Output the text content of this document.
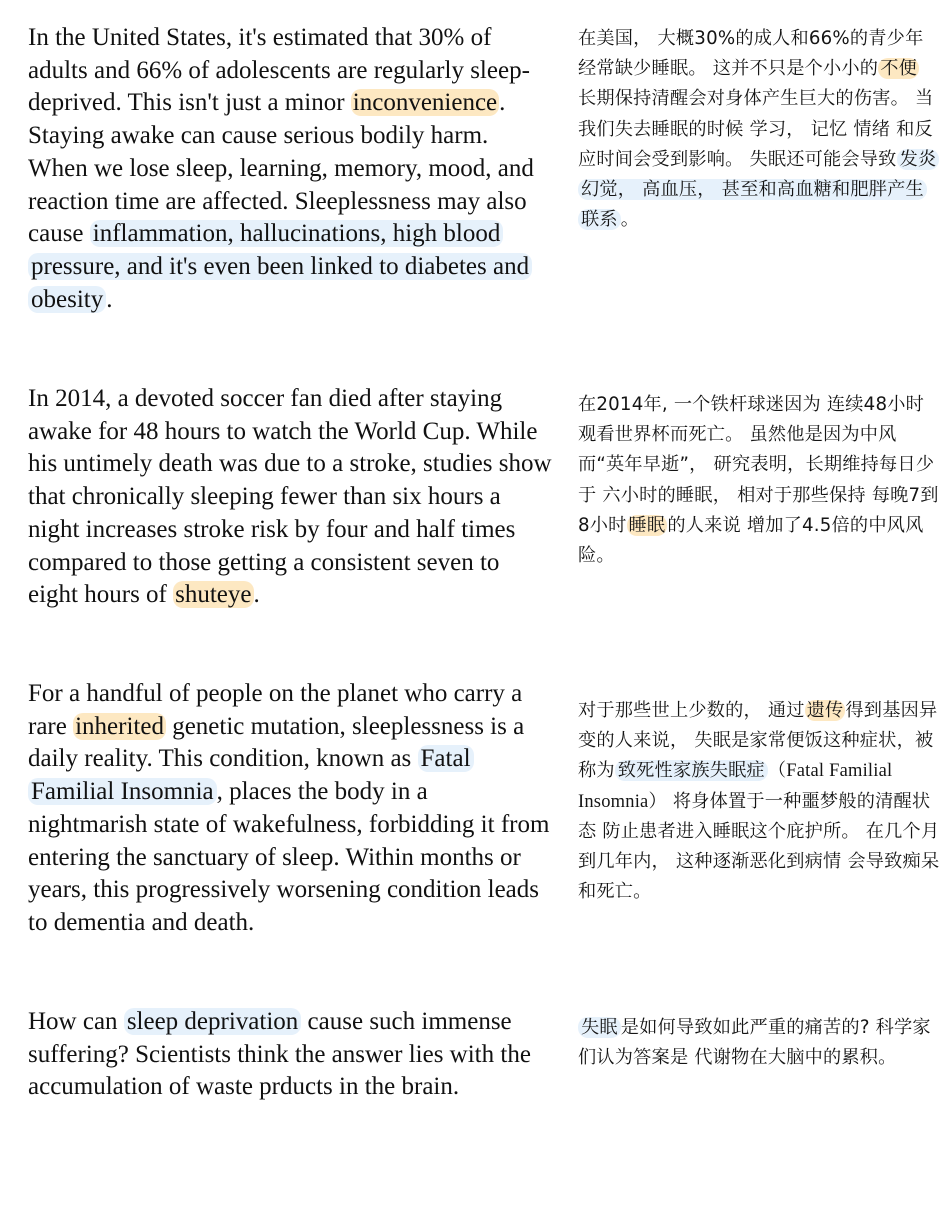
In the United States, it's estimated that 30% of adults and 66% of adolescents are regularly sleep-deprived. This isn't just a minor inconvenience. Staying awake can cause serious bodily harm. When we lose sleep, learning, memory, mood, and reaction time are affected. Sleeplessness may also cause inflammation, hallucinations, high blood pressure, and it's even been linked to diabetes and obesity .

In 2014, a devoted soccer fan died after staying awake for 48 hours to watch the World Cup. While his untimely death was due to a stroke, studies show that chronically sleeping fewer than six hours a night increases stroke risk by four and half times compared to those getting a consistent seven to eight hours of shuteye.

For a handful of people on the planet who carry a rare inherited genetic mutation, sleeplessness is a daily reality. This condition, known as Fatal Familial Insomnia , places the body in a nightmarish state of wakefulness, forbidding it from entering the sanctuary of sleep. Within months or years, this progressively worsening condition leads to dementia and death.

How can sleep deprivation cause such immense suffering? Scientists think the answer lies with the accumulation of waste prducts in the brain.

在美国， 大概30%的成人和66%的青少年 经常缺少睡眠。 这并不只是个小小的 不便 长期保持清醒会对身体产生巨大的伤害。 当我们失去睡眠的时候 学习， 记忆 情绪 和反应时间会受到影响。 失眠还可能会导致 发炎幻觉， 高血压， 甚至和高血糖和肥胖产生联系 。

在2014年, 一个铁杆球迷因为 连续48小时观看世界杯而死亡。 虽然他是因为中风而“英年早逝”， 研究表明，长期维持每日少于 六小时的睡眠， 相对于那些保持 每晚7到8小时 睡眠 的人来说 增加了4.5倍的中风风险。

对于那些世上少数的， 通过 遗传 得到基因异变的人来说， 失眠是家常便饭这种症状，被称为 致死性家族失眠症 （Fatal Familial Insomnia） 将身体置于一种噩梦般的清醒状态 防止患者进入睡眠这个庇护所。 在几个月到几年内， 这种逐渐恶化到病情 会导致痴呆和死亡。

失眠 是如何导致如此严重的痛苦的? 科学家们认为答案是 代谢物在大脑中的累积。
